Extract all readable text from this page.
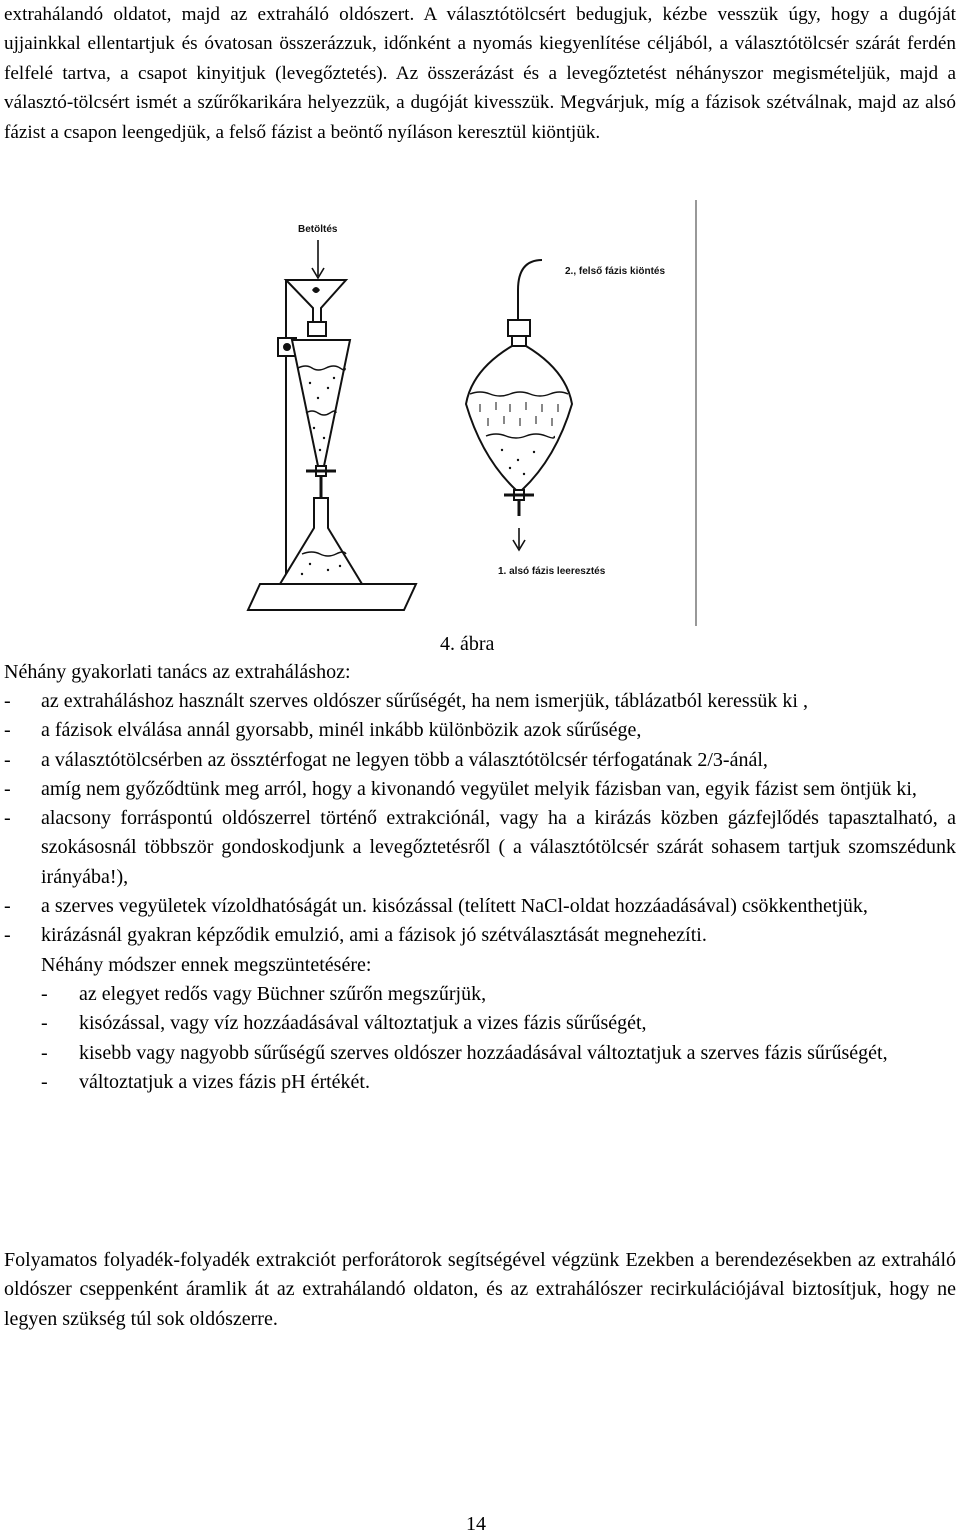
extrahálandó oldatot, majd az extraháló oldószert. A választótölcsért bedugjuk, kézbe vesszük úgy, hogy a dugóját ujjainkkal ellentartjuk és óvatosan összerázzuk, időnként a nyomás kiegyenlítése céljából, a választótölcsér szárát ferdén felfelé tartva, a csapot kinyitjuk (levegőztetés). Az összerázást és a levegőztetést néhányszor megismételjük, majd a választó-tölcsért ismét a szűrőkarikára helyezzük, a dugóját kivesszük. Megvárjuk, míg a fázisok szétválnak, majd az alsó fázist a csapon leengedjük, a felső fázist a beöntő nyíláson keresztül kiöntjük.

Betöltés
2., felső fázis kiöntés
1. alsó fázis leeresztés
4. ábra
Néhány gyakorlati tanács az extraháláshoz:
- az extraháláshoz használt szerves oldószer sűrűségét, ha nem ismerjük, táblázatból keressük ki ,
- a fázisok elválása annál gyorsabb, minél inkább különbözik azok sűrűsége,
- a választótölcsérben az össztérfogat ne legyen több a választótölcsér térfogatának 2/3-ánál,
- amíg nem győződtünk meg arról, hogy a kivonandó vegyület melyik fázisban van, egyik fázist sem öntjük ki,
- alacsony forráspontú oldószerrel történő extrakciónál, vagy ha a kirázás közben gázfejlődés tapasztalható, a szokásosnál többször gondoskodjunk a levegőztetésről ( a választótölcsér szárát sohasem tartjuk szomszédunk irányába!),
- a szerves vegyületek vízoldhatóságát un. kisózással (telített NaCl-oldat hozzáadásával) csökkenthetjük,
- kirázásnál gyakran képződik emulzió, ami a fázisok jó szétválasztását megnehezíti.
Néhány módszer ennek megszüntetésére:
- az elegyet redős vagy Büchner szűrőn megszűrjük,
- kisózással, vagy víz hozzáadásával változtatjuk a vizes fázis sűrűségét,
- kisebb vagy nagyobb sűrűségű szerves oldószer hozzáadásával változtatjuk a szerves fázis sűrűségét,
- változtatjuk a vizes fázis pH értékét.

Folyamatos folyadék-folyadék extrakciót perforátorok segítségével végzünk Ezekben a berendezésekben az extraháló oldószer cseppenként áramlik át az extrahálandó oldaton, és az extrahálószer recirkulációjával biztosítjuk, hogy ne legyen szükség túl sok oldószerre.

14
